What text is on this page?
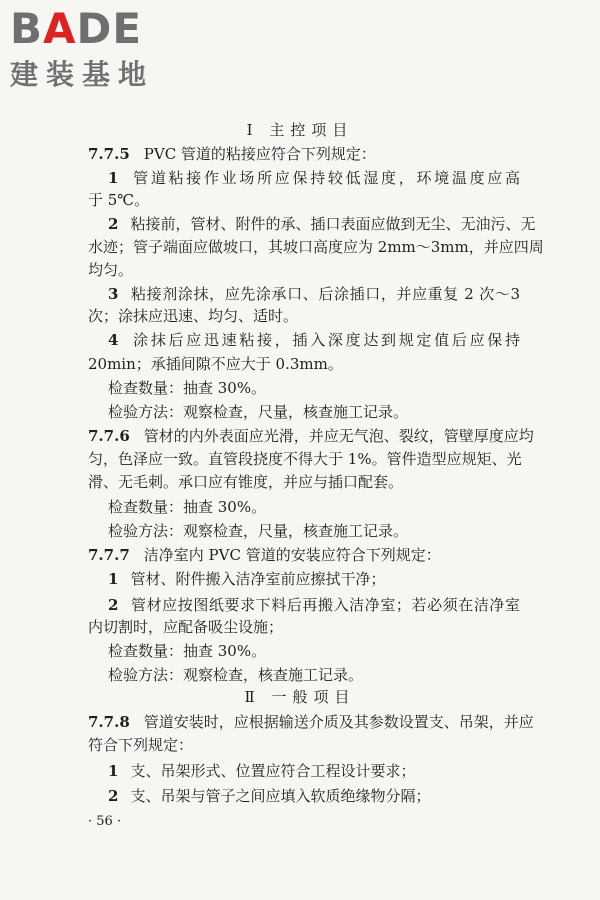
BADE
建装基地
Ⅰ 主控项目
7.7.5 PVC 管道的粘接应符合下列规定：
1 管道粘接作业场所应保持较低湿度，环境温度应高
于 5℃。
2 粘接前，管材、附件的承、插口表面应做到无尘、无油污、无
水迹；管子端面应做坡口，其坡口高度应为 2mm～3mm，并应四周
均匀。
3 粘接剂涂抹，应先涂承口、后涂插口，并应重复 2 次～3
次；涂抹应迅速、均匀、适时。
4 涂抹后应迅速粘接，插入深度达到规定值后应保持
20min；承插间隙不应大于 0.3mm。
检查数量：抽查 30%。
检验方法：观察检查，尺量，核查施工记录。
7.7.6 管材的内外表面应光滑，并应无气泡、裂纹，管壁厚度应均
匀，色泽应一致。直管段挠度不得大于 1%。管件造型应规矩、光
滑、无毛刺。承口应有锥度，并应与插口配套。
检查数量：抽查 30%。
检验方法：观察检查，尺量，核查施工记录。
7.7.7 洁净室内 PVC 管道的安装应符合下列规定：
1 管材、附件搬入洁净室前应擦拭干净；
2 管材应按图纸要求下料后再搬入洁净室；若必须在洁净室
内切割时，应配备吸尘设施；
检查数量：抽查 30%。
检验方法：观察检查，核查施工记录。
Ⅱ 一般项目
7.7.8 管道安装时，应根据输送介质及其参数设置支、吊架，并应
符合下列规定：
1 支、吊架形式、位置应符合工程设计要求；
2 支、吊架与管子之间应填入软质绝缘物分隔；
· 56 ·
